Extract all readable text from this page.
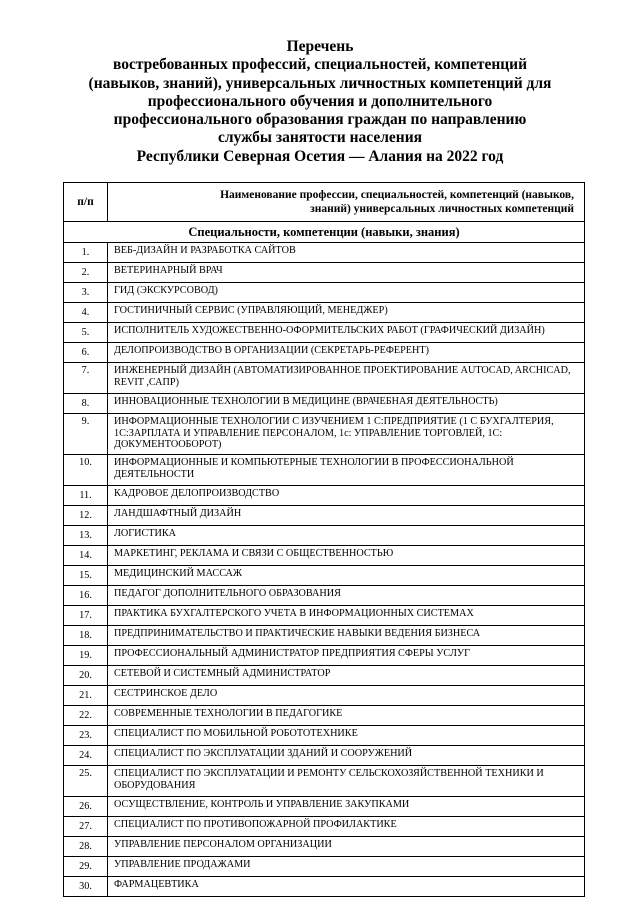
Перечень
востребованных профессий, специальностей, компетенций
(навыков, знаний), универсальных личностных компетенций для
профессионального обучения и дополнительного
профессионального образования граждан по направлению
службы занятости населения
Республики Северная Осетия — Алания на 2022 год
п/п	Наименование профессии, специальностей, компетенций (навыков,
знаний) универсальных личностных компетенций

Специальности, компетенции (навыки, знания)	
1.	ВЕБ-ДИЗАЙН И РАЗРАБОТКА САЙТОВ
2.	ВЕТЕРИНАРНЫЙ ВРАЧ
3.	ГИД (ЭКСКУРСОВОД)
4.	ГОСТИНИЧНЫЙ СЕРВИС (УПРАВЛЯЮЩИЙ, МЕНЕДЖЕР)
5.	ИСПОЛНИТЕЛЬ ХУДОЖЕСТВЕННО-ОФОРМИТЕЛЬСКИХ РАБОТ (ГРАФИЧЕСКИЙ ДИЗАЙН)
6.	ДЕЛОПРОИЗВОДСТВО В ОРГАНИЗАЦИИ (СЕКРЕТАРЬ-РЕФЕРЕНТ)
7.	ИНЖЕНЕРНЫЙ ДИЗАЙН (АВТОМАТИЗИРОВАННОЕ ПРОЕКТИРОВАНИЕ AUTOCAD, ARCHICAD, REVIT ,САПР)
8.	ИННОВАЦИОННЫЕ ТЕХНОЛОГИИ В МЕДИЦИНЕ (ВРАЧЕБНАЯ ДЕЯТЕЛЬНОСТЬ)
9.	ИНФОРМАЦИОННЫЕ ТЕХНОЛОГИИ С ИЗУЧЕНИЕМ 1 С:ПРЕДПРИЯТИЕ (1 С БУХГАЛТЕРИЯ, 1С:ЗАРПЛАТА И УПРАВЛЕНИЕ ПЕРСОНАЛОМ, 1с: УПРАВЛЕНИЕ ТОРГОВЛЕЙ, 1С: ДОКУМЕНТООБОРОТ)
10.	ИНФОРМАЦИОННЫЕ И КОМПЬЮТЕРНЫЕ ТЕХНОЛОГИИ В ПРОФЕССИОНАЛЬНОЙ ДЕЯТЕЛЬНОСТИ
11.	КАДРОВОЕ ДЕЛОПРОИЗВОДСТВО
12.	ЛАНДШАФТНЫЙ ДИЗАЙН
13.	ЛОГИСТИКА
14.	МАРКЕТИНГ, РЕКЛАМА И СВЯЗИ С ОБЩЕСТВЕННОСТЬЮ
15.	МЕДИЦИНСКИЙ МАССАЖ
16.	ПЕДАГОГ ДОПОЛНИТЕЛЬНОГО ОБРАЗОВАНИЯ
17.	ПРАКТИКА БУХГАЛТЕРСКОГО УЧЕТА В ИНФОРМАЦИОННЫХ СИСТЕМАХ
18.	ПРЕДПРИНИМАТЕЛЬСТВО И ПРАКТИЧЕСКИЕ НАВЫКИ ВЕДЕНИЯ БИЗНЕСА
19.	ПРОФЕССИОНАЛЬНЫЙ АДМИНИСТРАТОР ПРЕДПРИЯТИЯ СФЕРЫ УСЛУГ
20.	СЕТЕВОЙ И СИСТЕМНЫЙ АДМИНИСТРАТОР
21.	СЕСТРИНСКОЕ ДЕЛО
22.	СОВРЕМЕННЫЕ ТЕХНОЛОГИИ В ПЕДАГОГИКЕ
23.	СПЕЦИАЛИСТ ПО МОБИЛЬНОЙ РОБОТОТЕХНИКЕ
24.	СПЕЦИАЛИСТ ПО ЭКСПЛУАТАЦИИ ЗДАНИЙ И СООРУЖЕНИЙ
25.	СПЕЦИАЛИСТ ПО ЭКСПЛУАТАЦИИ И РЕМОНТУ СЕЛЬСКОХОЗЯЙСТВЕННОЙ ТЕХНИКИ И ОБОРУДОВАНИЯ
26.	ОСУЩЕСТВЛЕНИЕ, КОНТРОЛЬ И УПРАВЛЕНИЕ ЗАКУПКАМИ
27.	СПЕЦИАЛИСТ ПО ПРОТИВОПОЖАРНОЙ ПРОФИЛАКТИКЕ
28.	УПРАВЛЕНИЕ ПЕРСОНАЛОМ ОРГАНИЗАЦИИ
29.	УПРАВЛЕНИЕ ПРОДАЖАМИ
30.	ФАРМАЦЕВТИКА
